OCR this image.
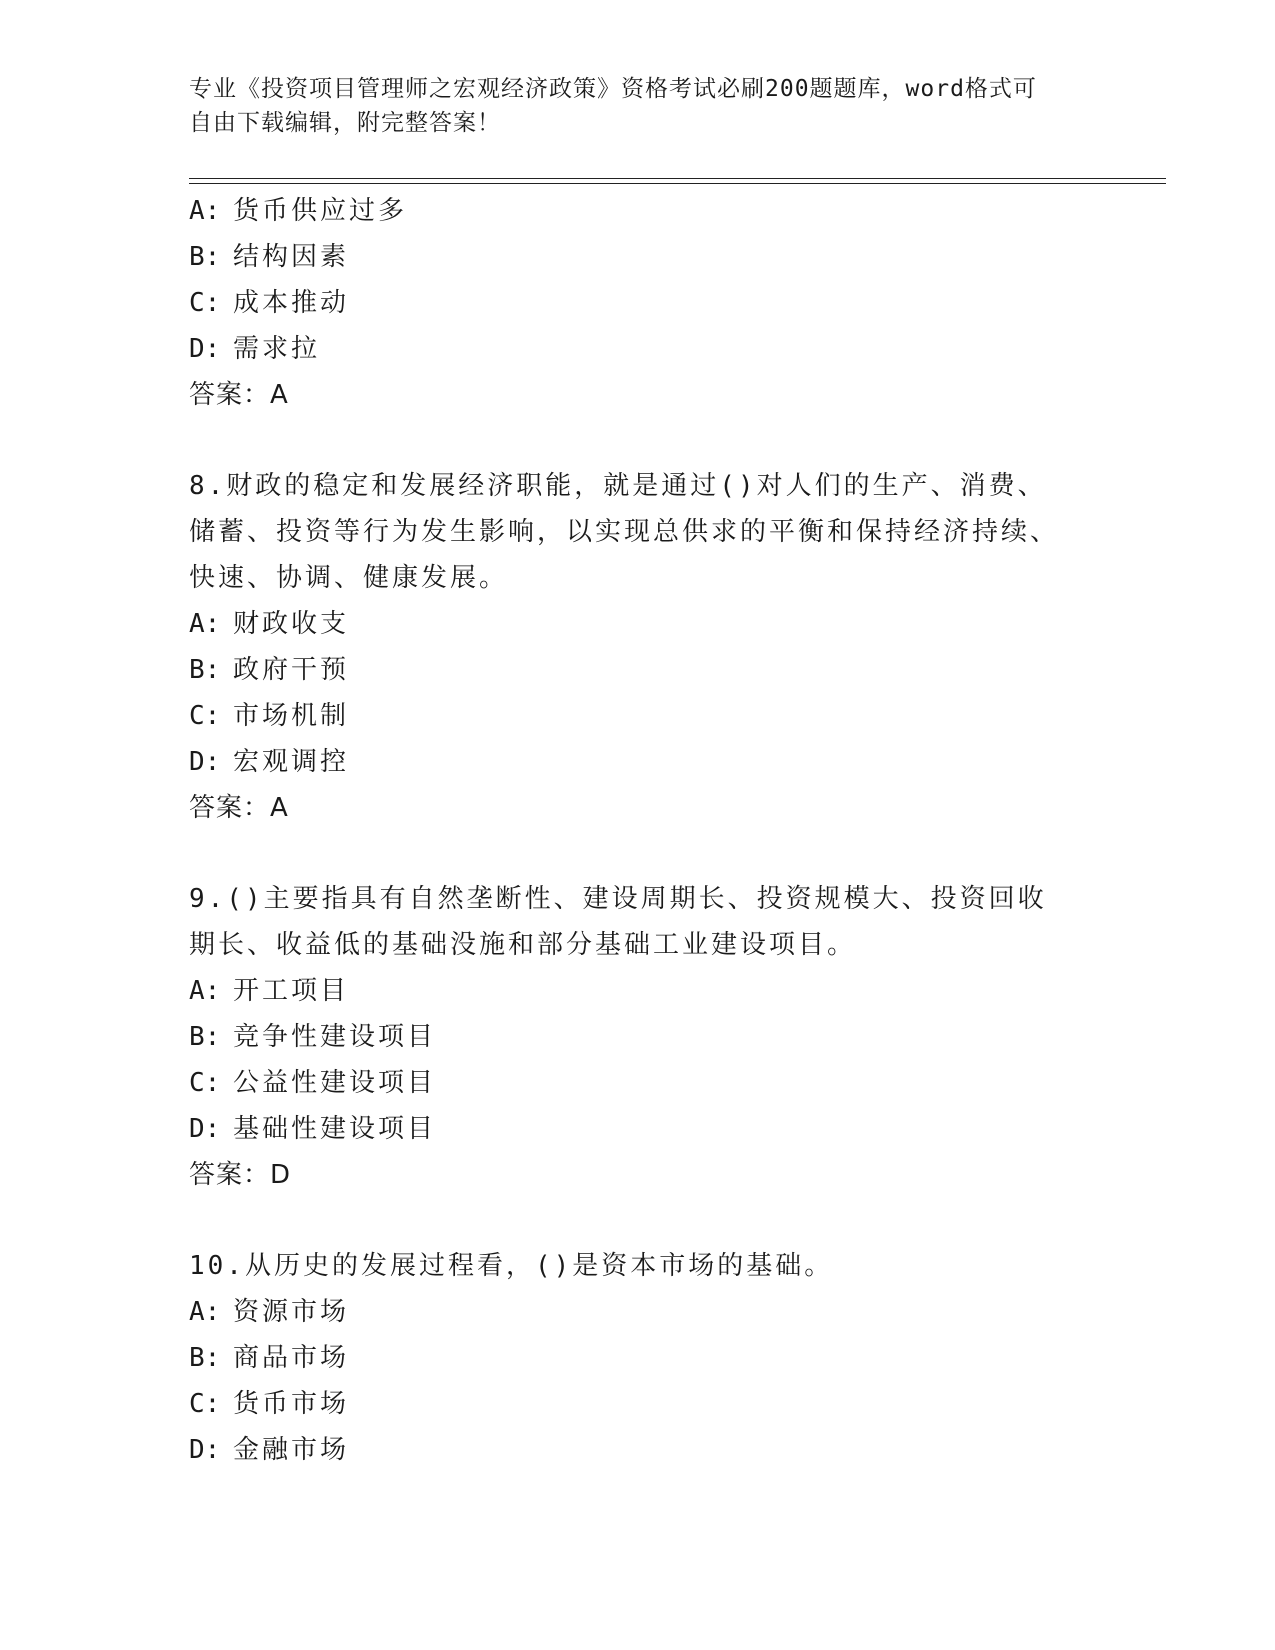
专业《投资项目管理师之宏观经济政策》资格考试必刷200题题库，word格式可
自由下载编辑，附完整答案！
A: 货币供应过多
B: 结构因素
C: 成本推动
D: 需求拉
答案：A
8.财政的稳定和发展经济职能，就是通过()对人们的生产、消费、储蓄、投资等行为发生影响，以实现总供求的平衡和保持经济持续、快速、协调、健康发展。
A: 财政收支
B: 政府干预
C: 市场机制
D: 宏观调控
答案：A
9.()主要指具有自然垄断性、建设周期长、投资规模大、投资回收期长、收益低的基础没施和部分基础工业建设项目。
A: 开工项目
B: 竞争性建设项目
C: 公益性建设项目
D: 基础性建设项目
答案：D
10.从历史的发展过程看，()是资本市场的基础。
A: 资源市场
B: 商品市场
C: 货币市场
D: 金融市场
